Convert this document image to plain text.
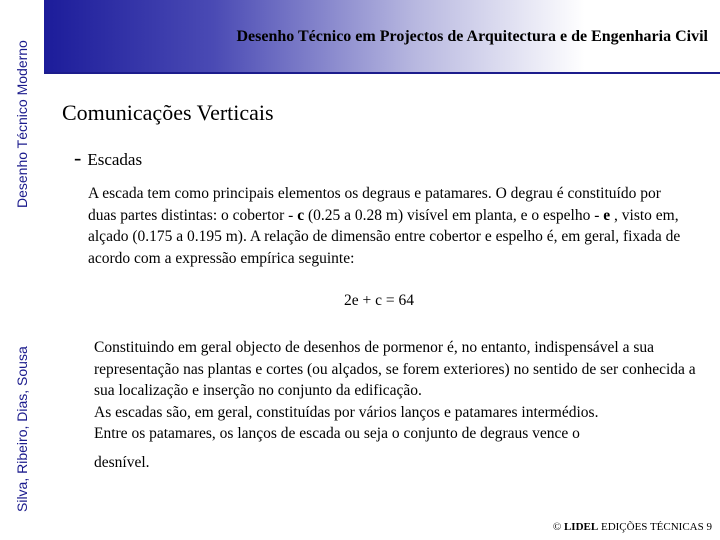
Desenho Técnico Moderno
Silva, Ribeiro, Dias, Sousa
Desenho Técnico em Projectos de Arquitectura e de Engenharia Civil
Comunicações Verticais
- Escadas
A escada tem como principais elementos os degraus e patamares. O degrau é constituído por duas partes distintas: o cobertor - c (0.25 a 0.28 m) visível em planta, e o espelho - e , visto em, alçado (0.175 a 0.195 m). A relação de dimensão entre cobertor e espelho é, em geral, fixada de acordo com a expressão empírica seguinte:
2e + c = 64

Constituindo em geral objecto de desenhos de pormenor é, no entanto, indispensável a sua representação nas plantas e cortes (ou alçados, se forem exteriores) no sentido de ser conhecida a sua localização e inserção no conjunto da edificação.

As escadas são, em geral, constituídas por vários lanços e patamares intermédios.

Entre os patamares, os lanços de escada ou seja o conjunto de degraus vence o

desnível.

© LIDEL EDIÇÕES TÉCNICAS 9
